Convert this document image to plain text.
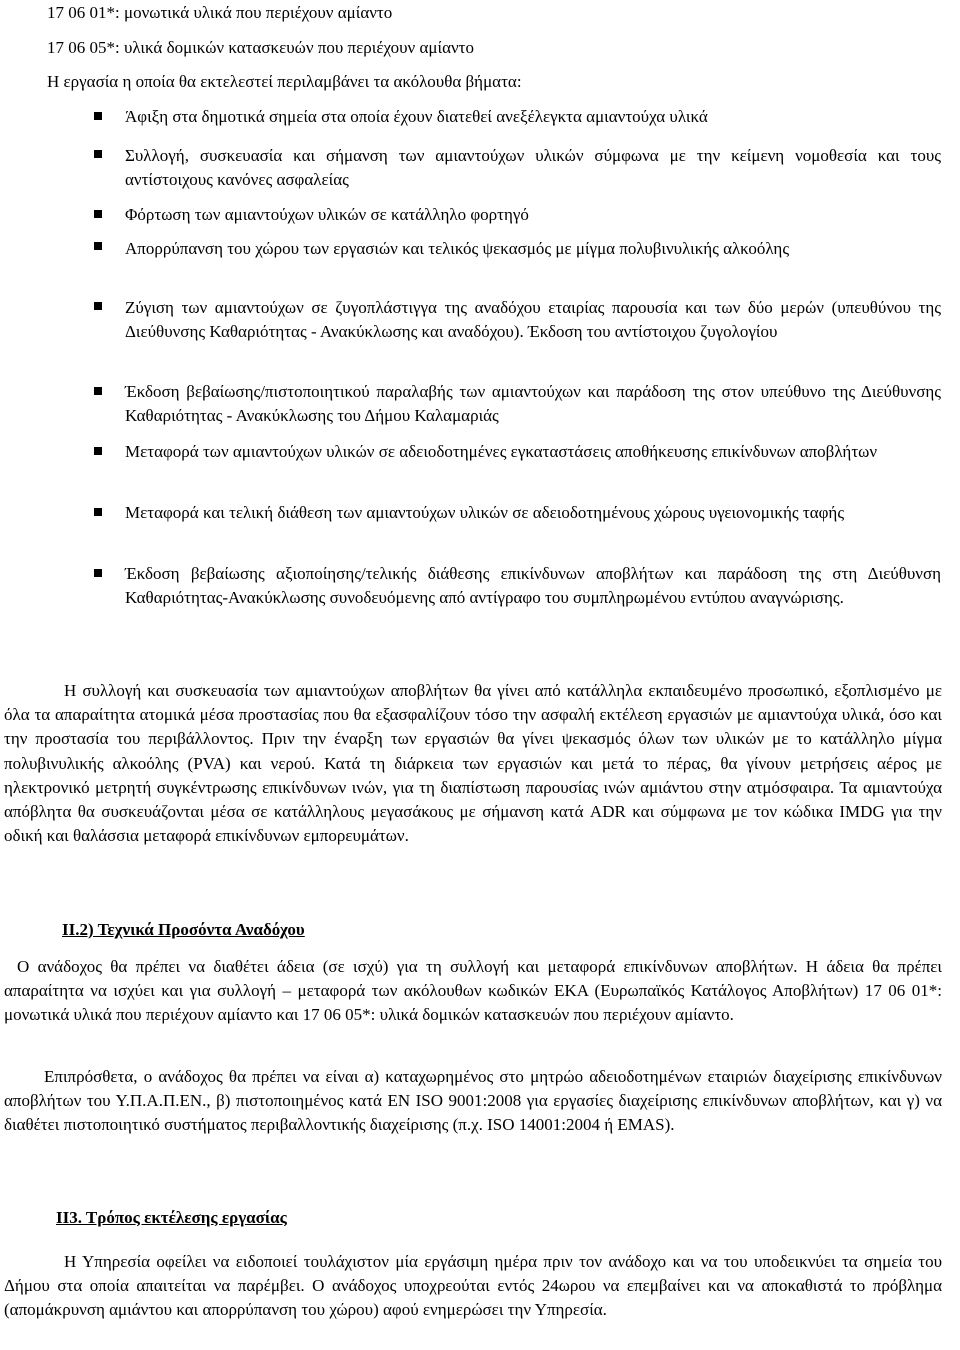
17 06 01*: μονωτικά υλικά που περιέχουν αμίαντο
17 06 05*: υλικά δομικών κατασκευών που περιέχουν αμίαντο
Η εργασία η οποία θα εκτελεστεί περιλαμβάνει τα ακόλουθα βήματα:
Άφιξη στα δημοτικά σημεία στα οποία έχουν διατεθεί ανεξέλεγκτα αμιαντούχα υλικά
Συλλογή, συσκευασία και σήμανση των αμιαντούχων υλικών σύμφωνα με την κείμενη νομοθεσία και τους αντίστοιχους κανόνες ασφαλείας
Φόρτωση των αμιαντούχων υλικών σε κατάλληλο φορτηγό
Απορρύπανση του χώρου των εργασιών και τελικός ψεκασμός με μίγμα πολυβινυλικής αλκοόλης
Ζύγιση των αμιαντούχων σε ζυγοπλάστιγγα της αναδόχου εταιρίας παρουσία και των δύο μερών (υπευθύνου της Διεύθυνσης Καθαριότητας - Ανακύκλωσης και αναδόχου). Έκδοση του αντίστοιχου ζυγολογίου
Έκδοση βεβαίωσης/πιστοποιητικού παραλαβής των αμιαντούχων και παράδοση της στον υπεύθυνο της Διεύθυνσης Καθαριότητας - Ανακύκλωσης του Δήμου Καλαμαριάς
Μεταφορά των αμιαντούχων υλικών σε αδειοδοτημένες εγκαταστάσεις αποθήκευσης επικίνδυνων αποβλήτων
Μεταφορά και τελική διάθεση των αμιαντούχων υλικών σε αδειοδοτημένους χώρους υγειονομικής ταφής
Έκδοση βεβαίωσης αξιοποίησης/τελικής διάθεσης επικίνδυνων αποβλήτων και παράδοση της στη Διεύθυνση Καθαριότητας-Ανακύκλωσης συνοδευόμενης από αντίγραφο του συμπληρωμένου εντύπου αναγνώρισης.
Η συλλογή και συσκευασία των αμιαντούχων αποβλήτων θα γίνει από κατάλληλα εκπαιδευμένο προσωπικό, εξοπλισμένο με όλα τα απαραίτητα ατομικά μέσα προστασίας που θα εξασφαλίζουν τόσο την ασφαλή εκτέλεση εργασιών με αμιαντούχα υλικά, όσο και την προστασία του περιβάλλοντος. Πριν την έναρξη των εργασιών θα γίνει ψεκασμός όλων των υλικών με το κατάλληλο μίγμα πολυβινυλικής αλκοόλης (PVA) και νερού. Κατά τη διάρκεια των εργασιών και μετά το πέρας, θα γίνουν μετρήσεις αέρος με ηλεκτρονικό μετρητή συγκέντρωσης επικίνδυνων ινών, για τη διαπίστωση παρουσίας ινών αμιάντου στην ατμόσφαιρα. Τα αμιαντούχα απόβλητα θα συσκευάζονται μέσα σε κατάλληλους μεγασάκους με σήμανση κατά ADR και σύμφωνα με τον κώδικα IMDG για την οδική και θαλάσσια μεταφορά επικίνδυνων εμπορευμάτων.
ΙΙ.2) Τεχνικά Προσόντα Αναδόχου
Ο ανάδοχος θα πρέπει να διαθέτει άδεια (σε ισχύ) για τη συλλογή και μεταφορά επικίνδυνων αποβλήτων. Η άδεια θα πρέπει απαραίτητα να ισχύει και για συλλογή – μεταφορά των ακόλουθων κωδικών ΕΚΑ (Ευρωπαϊκός Κατάλογος Αποβλήτων) 17 06 01*: μονωτικά υλικά που περιέχουν αμίαντο και 17 06 05*: υλικά δομικών κατασκευών που περιέχουν αμίαντο.
Επιπρόσθετα, ο ανάδοχος θα πρέπει να είναι α) καταχωρημένος στο μητρώο αδειοδοτημένων εταιριών διαχείρισης επικίνδυνων αποβλήτων του Υ.Π.Α.Π.ΕΝ., β) πιστοποιημένος κατά ΕΝ ISO 9001:2008 για εργασίες διαχείρισης επικίνδυνων αποβλήτων, και γ) να διαθέτει πιστοποιητικό συστήματος περιβαλλοντικής διαχείρισης (π.χ. ISO 14001:2004 ή EMAS).
ΙΙ3. Τρόπος εκτέλεσης εργασίας
Η Υπηρεσία οφείλει να ειδοποιεί τουλάχιστον μία εργάσιμη ημέρα πριν τον ανάδοχο και να του υποδεικνύει τα σημεία του Δήμου στα οποία απαιτείται να παρέμβει. Ο ανάδοχος υποχρεούται εντός 24ωρου να επεμβαίνει και να αποκαθιστά το πρόβλημα (απομάκρυνση αμιάντου και απορρύπανση του χώρου) αφού ενημερώσει την Υπηρεσία.
